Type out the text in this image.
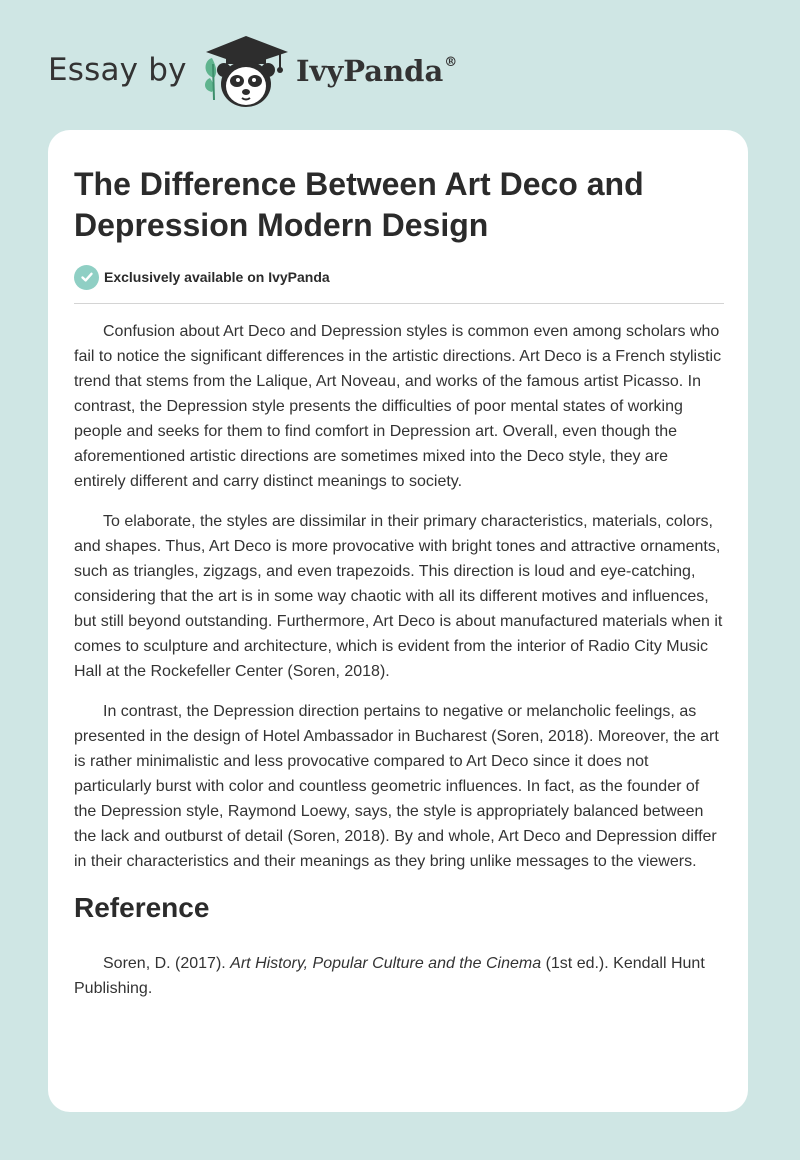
Essay by	IvyPanda®
The Difference Between Art Deco and Depression Modern Design
Exclusively available on IvyPanda

Confusion about Art Deco and Depression styles is common even among scholars who fail to notice the significant differences in the artistic directions. Art Deco is a French stylistic trend that stems from the Lalique, Art Noveau, and works of the famous artist Picasso. In contrast, the Depression style presents the difficulties of poor mental states of working people and seeks for them to find comfort in Depression art. Overall, even though the aforementioned artistic directions are sometimes mixed into the Deco style, they are entirely different and carry distinct meanings to society.

To elaborate, the styles are dissimilar in their primary characteristics, materials, colors, and shapes. Thus, Art Deco is more provocative with bright tones and attractive ornaments, such as triangles, zigzags, and even trapezoids. This direction is loud and eye-catching, considering that the art is in some way chaotic with all its different motives and influences, but still beyond outstanding. Furthermore, Art Deco is about manufactured materials when it comes to sculpture and architecture, which is evident from the interior of Radio City Music Hall at the Rockefeller Center (Soren, 2018).

In contrast, the Depression direction pertains to negative or melancholic feelings, as presented in the design of Hotel Ambassador in Bucharest (Soren, 2018). Moreover, the art is rather minimalistic and less provocative compared to Art Deco since it does not particularly burst with color and countless geometric influences. In fact, as the founder of the Depression style, Raymond Loewy, says, the style is appropriately balanced between the lack and outburst of detail (Soren, 2018). By and whole, Art Deco and Depression differ in their characteristics and their meanings as they bring unlike messages to the viewers.

Reference

Soren, D. (2017). Art History, Popular Culture and the Cinema (1st ed.). Kendall Hunt Publishing.
